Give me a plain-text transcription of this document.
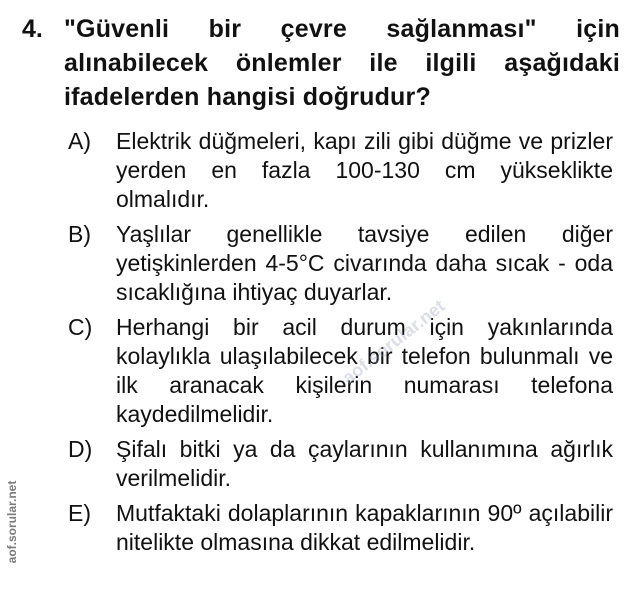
4. "Güvenli bir çevre sağlanması" için alınabilecek önlemler ile ilgili aşağıdaki ifadelerden hangisi doğrudur?
A) Elektrik düğmeleri, kapı zili gibi düğme ve prizler yerden en fazla 100-130 cm yükseklikte olmalıdır.
B) Yaşlılar genellikle tavsiye edilen diğer yetişkinlerden 4-5°C civarında daha sıcak - oda sıcaklığına ihtiyaç duyarlar.
C) Herhangi bir acil durum için yakınlarında kolaylıkla ulaşılabilecek bir telefon bulunmalı ve ilk aranacak kişilerin numarası telefona kaydedilmelidir.
D) Şifalı bitki ya da çaylarının kullanımına ağırlık verilmelidir.
E) Mutfaktaki dolaplarının kapaklarının 90º açılabilir nitelikte olmasına dikkat edilmelidir.
aof.sorular.net
aof.sorular.net
